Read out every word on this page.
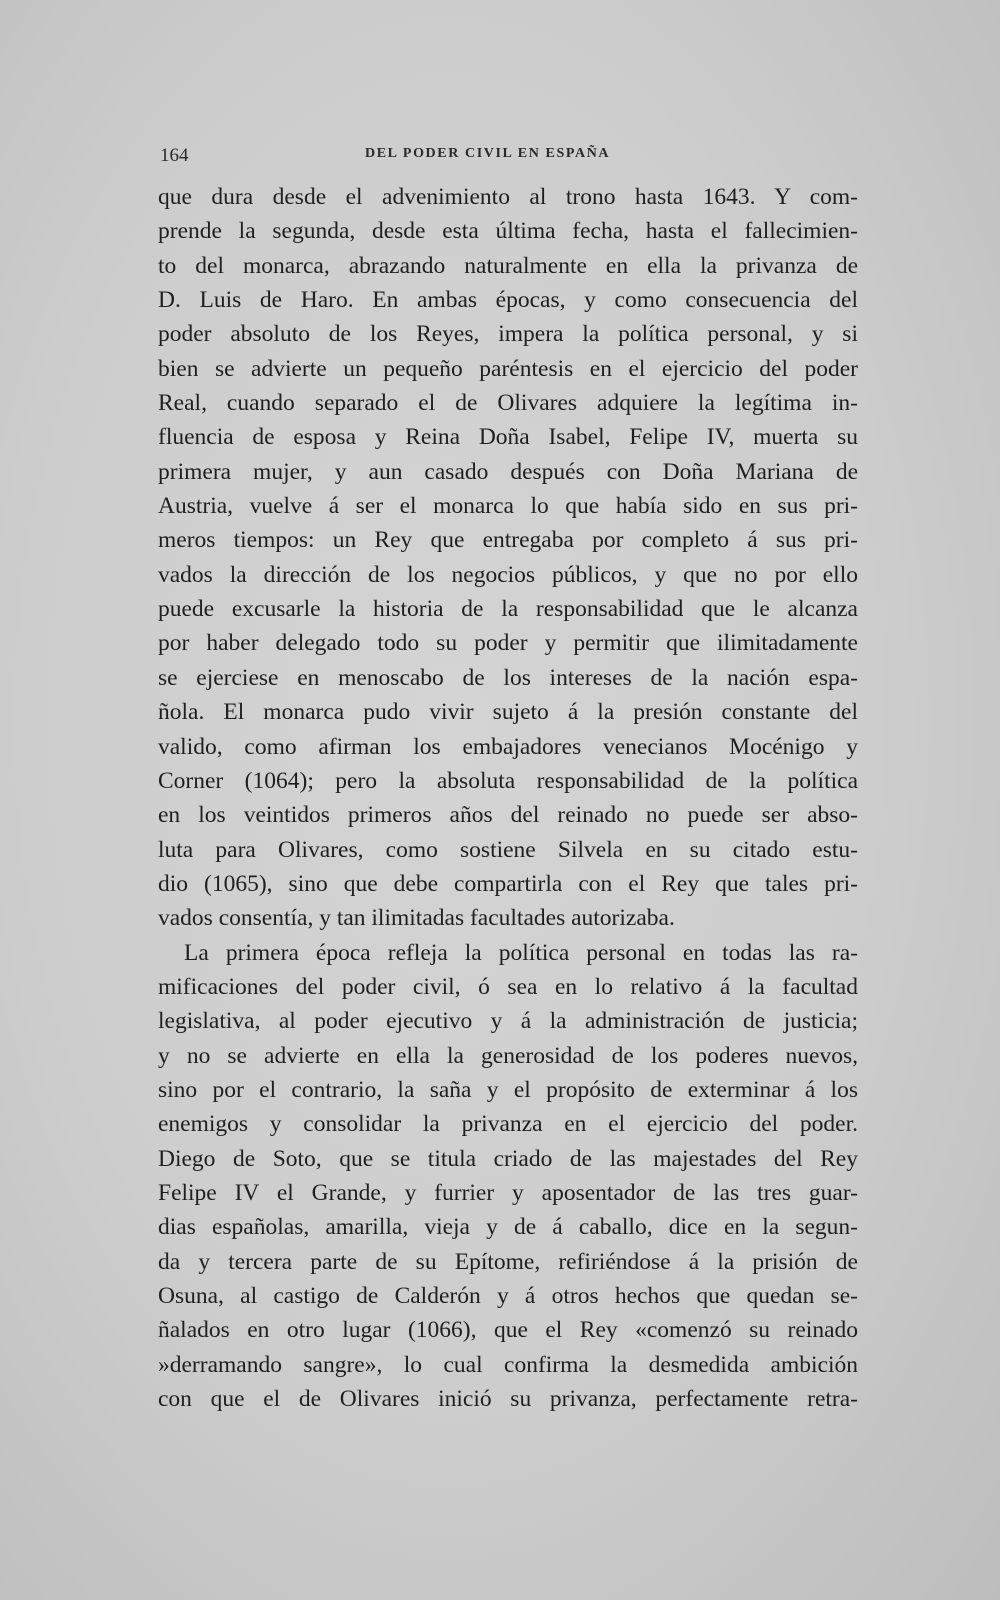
164	DEL PODER CIVIL EN ESPAÑA
que dura desde el advenimiento al trono hasta 1643. Y com-
prende la segunda, desde esta última fecha, hasta el fallecimien-
to del monarca, abrazando naturalmente en ella la privanza de
D. Luis de Haro. En ambas épocas, y como consecuencia del
poder absoluto de los Reyes, impera la política personal, y si
bien se advierte un pequeño paréntesis en el ejercicio del poder
Real, cuando separado el de Olivares adquiere la legítima in-
fluencia de esposa y Reina Doña Isabel, Felipe IV, muerta su
primera mujer, y aun casado después con Doña Mariana de
Austria, vuelve á ser el monarca lo que había sido en sus pri-
meros tiempos: un Rey que entregaba por completo á sus pri-
vados la dirección de los negocios públicos, y que no por ello
puede excusarle la historia de la responsabilidad que le alcanza
por haber delegado todo su poder y permitir que ilimitadamente
se ejerciese en menoscabo de los intereses de la nación espa-
ñola. El monarca pudo vivir sujeto á la presión constante del
valido, como afirman los embajadores venecianos Mocénigo y
Corner (1064); pero la absoluta responsabilidad de la política
en los veintidos primeros años del reinado no puede ser abso-
luta para Olivares, como sostiene Silvela en su citado estu-
dio (1065), sino que debe compartirla con el Rey que tales pri-
vados consentía, y tan ilimitadas facultades autorizaba.
La primera época refleja la política personal en todas las ra-
mificaciones del poder civil, ó sea en lo relativo á la facultad
legislativa, al poder ejecutivo y á la administración de justicia;
y no se advierte en ella la generosidad de los poderes nuevos,
sino por el contrario, la saña y el propósito de exterminar á los
enemigos y consolidar la privanza en el ejercicio del poder.
Diego de Soto, que se titula criado de las majestades del Rey
Felipe IV el Grande, y furrier y aposentador de las tres guar-
dias españolas, amarilla, vieja y de á caballo, dice en la segun-
da y tercera parte de su Epítome, refiriéndose á la prisión de
Osuna, al castigo de Calderón y á otros hechos que quedan se-
ñalados en otro lugar (1066), que el Rey «comenzó su reinado
»derramando sangre», lo cual confirma la desmedida ambición
con que el de Olivares inició su privanza, perfectamente retra-
